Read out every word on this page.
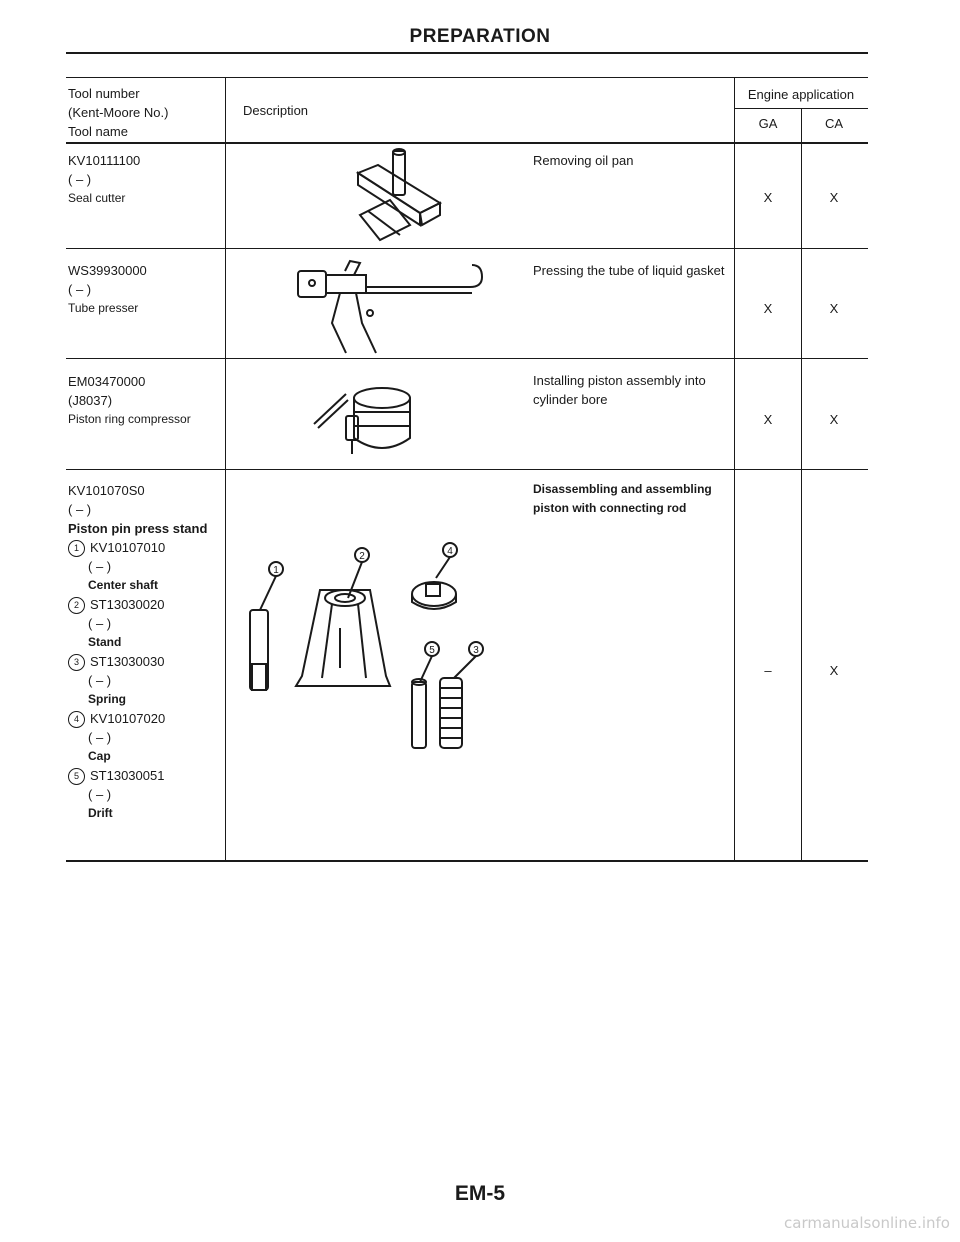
PREPARATION
Tool number
(Kent-Moore No.)
Tool name
Description
Engine application
GA	CA
KV10111100
( – )
Seal cutter
Removing oil pan
X	X
WS39930000
( – )
Tube presser
Pressing the tube of liquid gasket
X	X
EM03470000
(J8037)
Piston ring compressor
Installing piston assembly into cylinder bore
X	X
KV101070S0
( – )
Piston pin press stand
1 KV10107010
( – )
Center shaft
2 ST13030020
( – )
Stand
3 ST13030030
( – )
Spring
4 KV10107020
( – )
Cap
5 ST13030051
( – )
Drift
Disassembling and assembling piston with connecting rod
–	X
1
2	4
5	3
EM-5
carmanualsonline.info
